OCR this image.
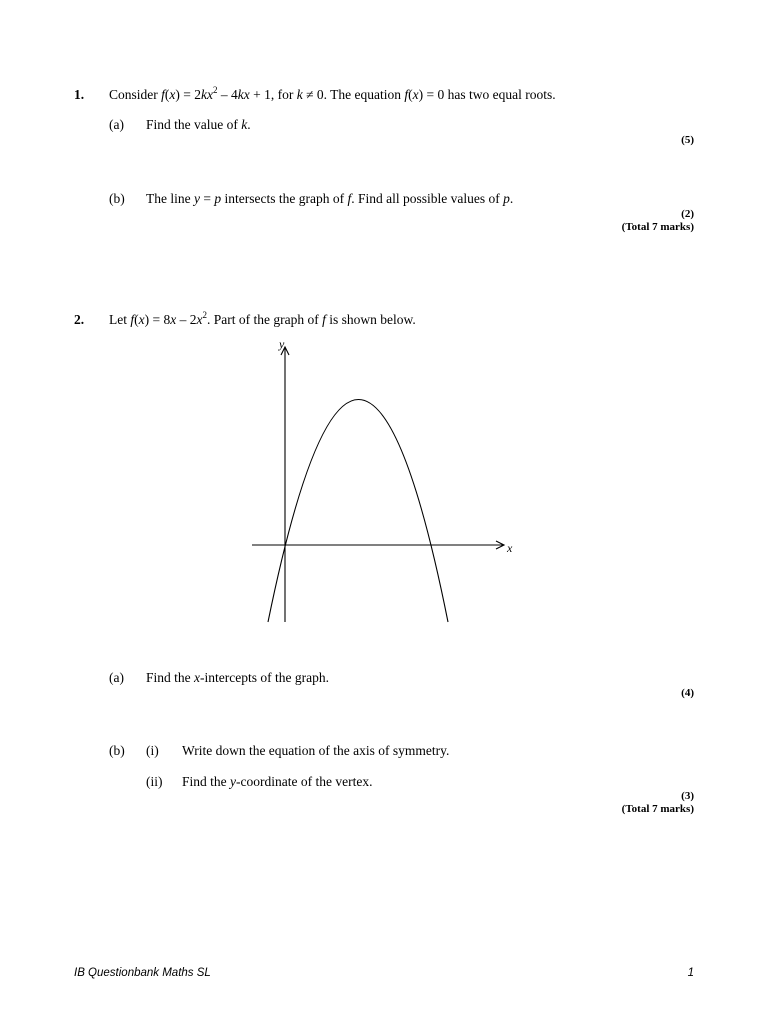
1. Consider $f(x) = 2kx^2 - 4kx + 1$, for k ≠ 0. The equation f(x) = 0 has two equal roots.
(a) Find the value of k.
(5)
(b) The line y = p intersects the graph of f. Find all possible values of p.
(2)
(Total 7 marks)
2. Let $f(x) = 8x - 2x^2$. Part of the graph of f is shown below.
y
x
(a) Find the x-intercepts of the graph.
(4)
(b) (i) Write down the equation of the axis of symmetry.
(ii) Find the y-coordinate of the vertex.
(3)
(Total 7 marks)
IB Questionbank Maths SL	1
